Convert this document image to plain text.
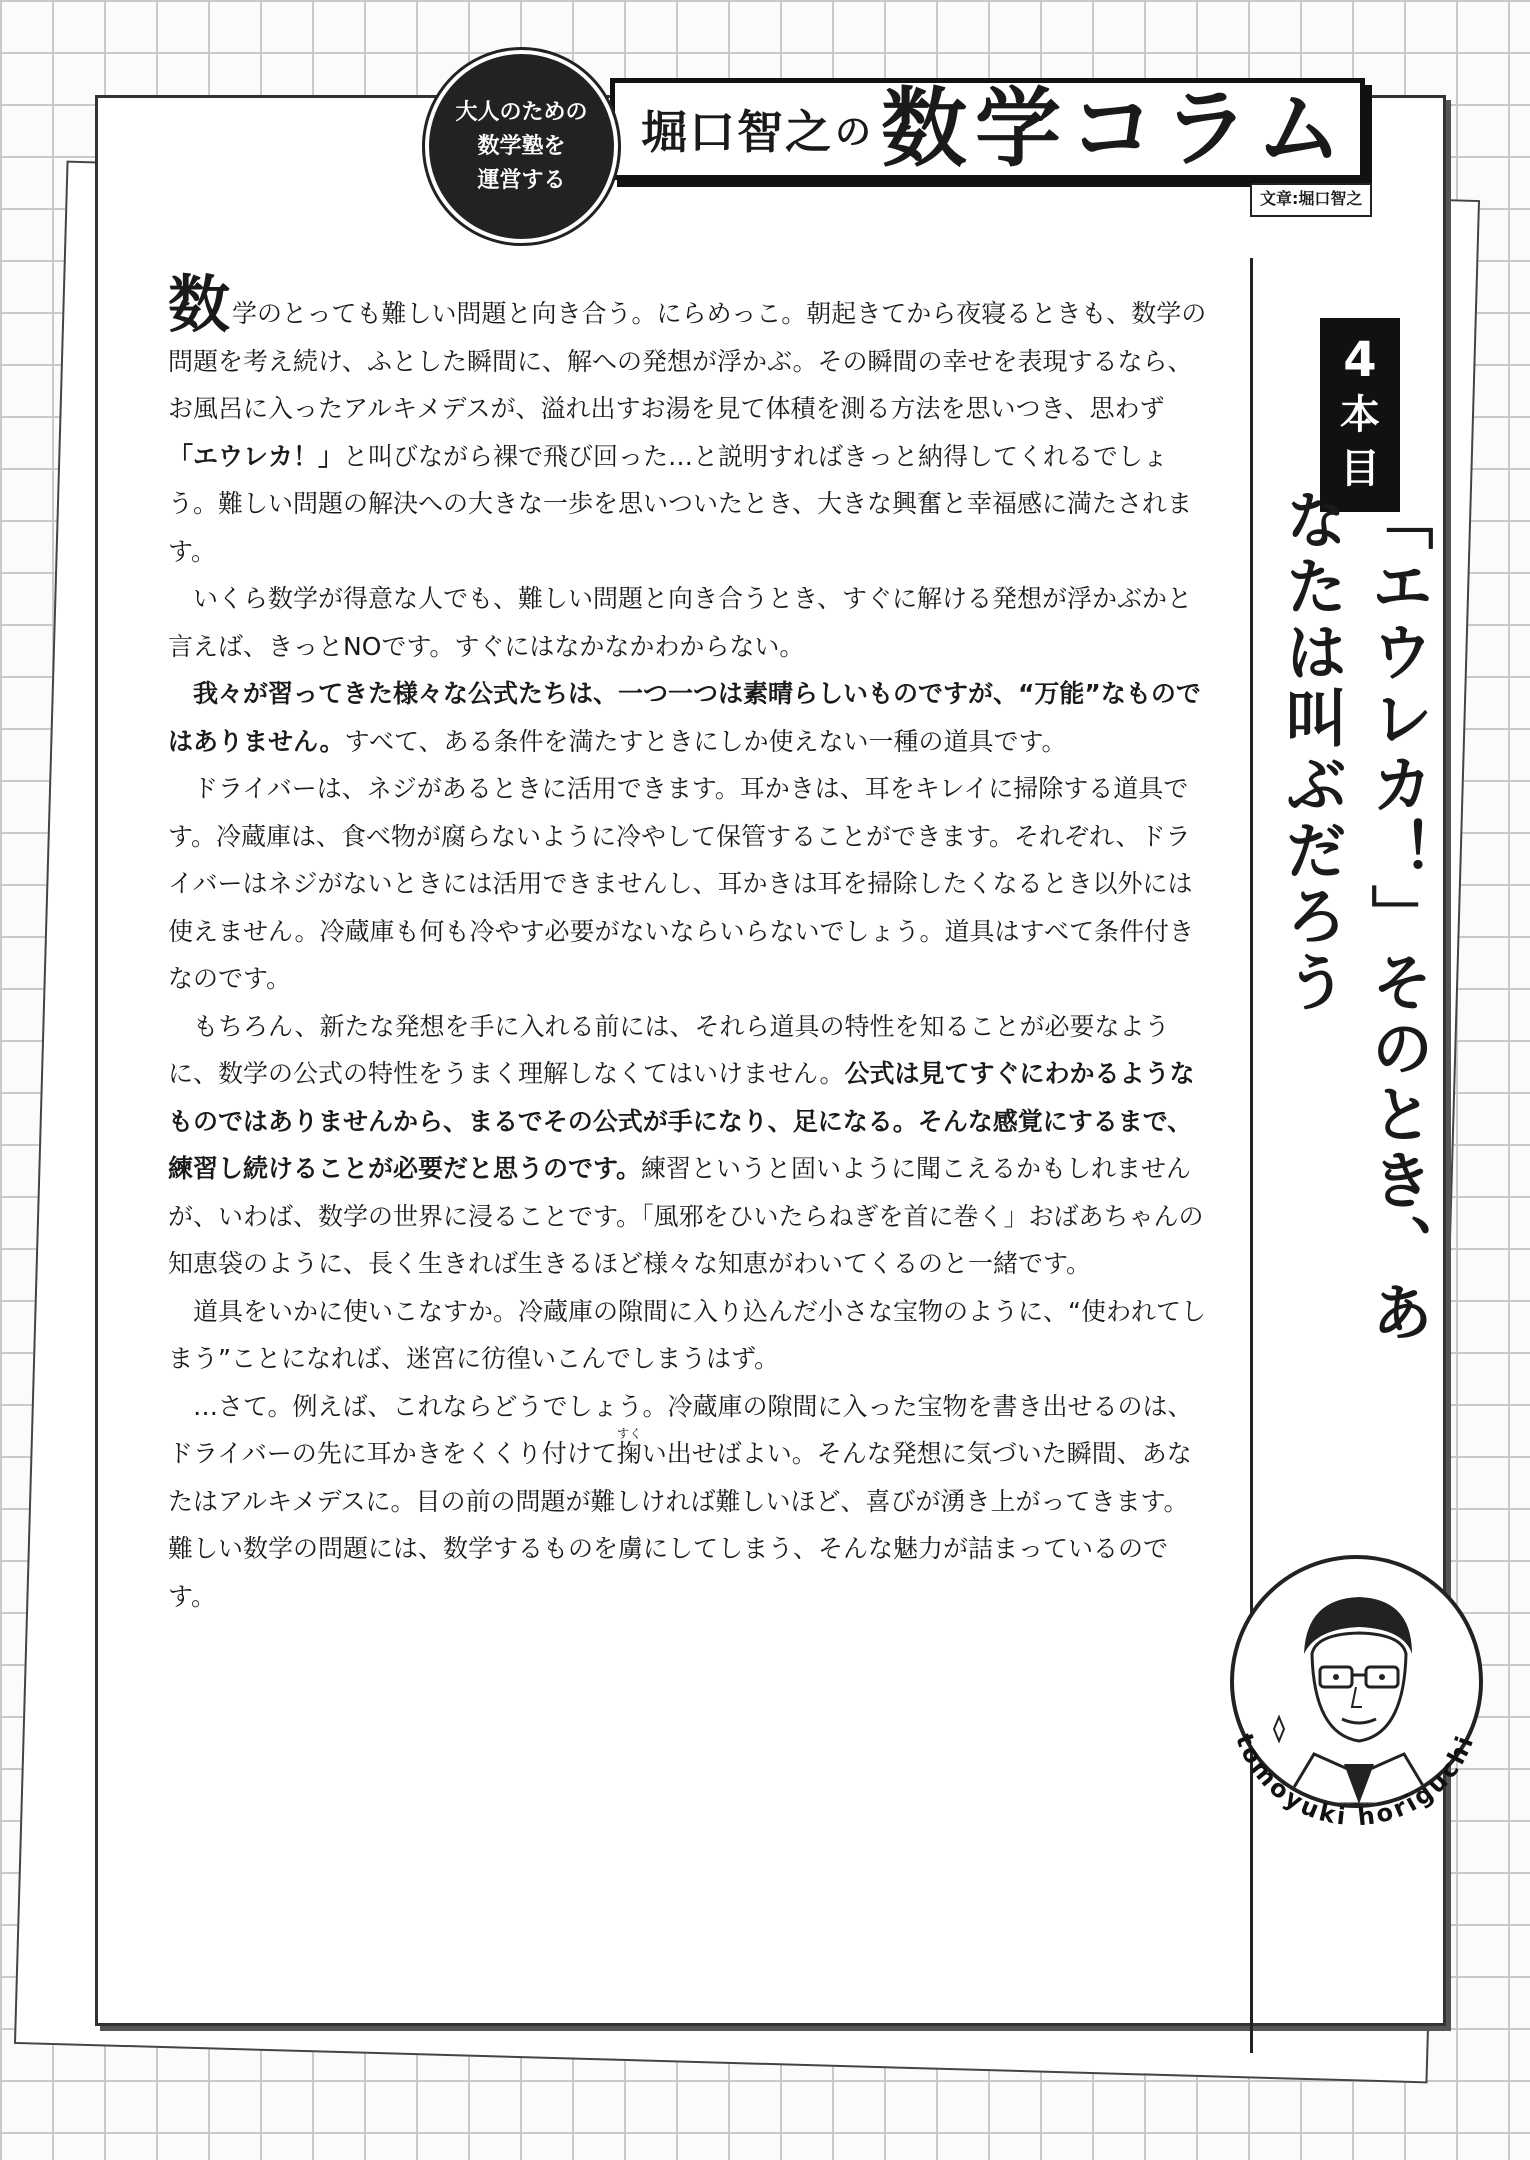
大人のための
数学塾を
運営する
堀口智之 の 数学コラム
文章:堀口智之

数学のとっても難しい問題と向き合う。にらめっこ。朝起きてから夜寝るときも、数学の問題を考え続け、ふとした瞬間に、解への発想が浮かぶ。その瞬間の幸せを表現するなら、お風呂に入ったアルキメデスが、溢れ出すお湯を見て体積を測る方法を思いつき、思わず「エウレカ！」と叫びながら裸で飛び回った…と説明すればきっと納得してくれるでしょう。難しい問題の解決への大きな一歩を思いついたとき、大きな興奮と幸福感に満たされます。

いくら数学が得意な人でも、難しい問題と向き合うとき、すぐに解ける発想が浮かぶかと言えば、きっとNOです。すぐにはなかなかわからない。

我々が習ってきた様々な公式たちは、一つ一つは素晴らしいものですが、“万能”なものではありません。すべて、ある条件を満たすときにしか使えない一種の道具です。

ドライバーは、ネジがあるときに活用できます。耳かきは、耳をキレイに掃除する道具です。冷蔵庫は、食べ物が腐らないように冷やして保管することができます。それぞれ、ドライバーはネジがないときには活用できませんし、耳かきは耳を掃除したくなるとき以外には使えません。冷蔵庫も何も冷やす必要がないならいらないでしょう。道具はすべて条件付きなのです。

もちろん、新たな発想を手に入れる前には、それら道具の特性を知ることが必要なように、数学の公式の特性をうまく理解しなくてはいけません。公式は見てすぐにわかるようなものではありませんから、まるでその公式が手になり、足になる。そんな感覚にするまで、練習し続けることが必要だと思うのです。練習というと固いように聞こえるかもしれませんが、いわば、数学の世界に浸ることです。「風邪をひいたらねぎを首に巻く」おばあちゃんの知恵袋のように、長く生きれば生きるほど様々な知恵がわいてくるのと一緒です。

道具をいかに使いこなすか。冷蔵庫の隙間に入り込んだ小さな宝物のように、“使われてしまう”ことになれば、迷宮に彷徨いこんでしまうはず。

…さて。例えば、これならどうでしょう。冷蔵庫の隙間に入った宝物を書き出せるのは、ドライバーの先に耳かきをくくり付けて掬すくい出せばよい。そんな発想に気づいた瞬間、あなたはアルキメデスに。目の前の問題が難しければ難しいほど、喜びが湧き上がってきます。難しい数学の問題には、数学するものを虜にしてしまう、そんな魅力が詰まっているのです。

4
本
目
「エウレカ！」そのとき、あなたは叫ぶだろう
tomoyuki horiguchi
